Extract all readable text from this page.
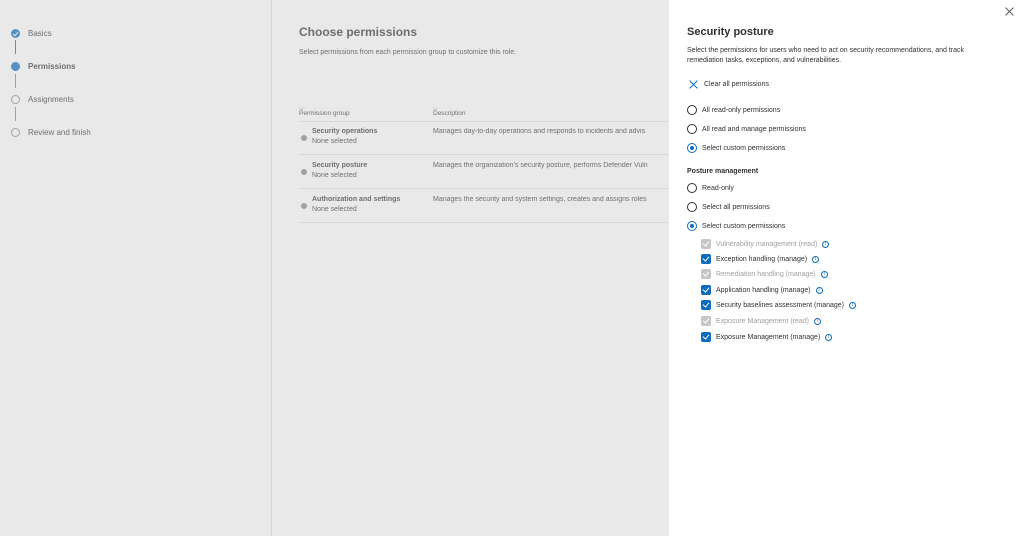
Basics
Permissions
Assignments
Review and finish
Choose permissions
Select permissions from each permission group to customize this role.
Permission group
⌵
Description
⌵
Security operations
None selected
Manages day-to-day operations and responds to incidents and advis
Security posture
None selected
Manages the organization's security posture, performs Defender Vuln
Authorization and settings
None selected
Manages the security and system settings, creates and assigns roles
Security posture
Select the permissions for users who need to act on security recommendations, and track remediation tasks, exceptions, and vulnerabilities.
Clear all permissions
All read-only permissions
All read and manage permissions
Select custom permissions
Posture management
Read-only
Select all permissions
Select custom permissions
Vulnerability management (read)	i
Exception handling (manage)	i
Remediation handling (manage)	i
Application handling (manage)	i
Security baselines assessment (manage)	i
Exposure Management (read)	i
Exposure Management (manage)	i
